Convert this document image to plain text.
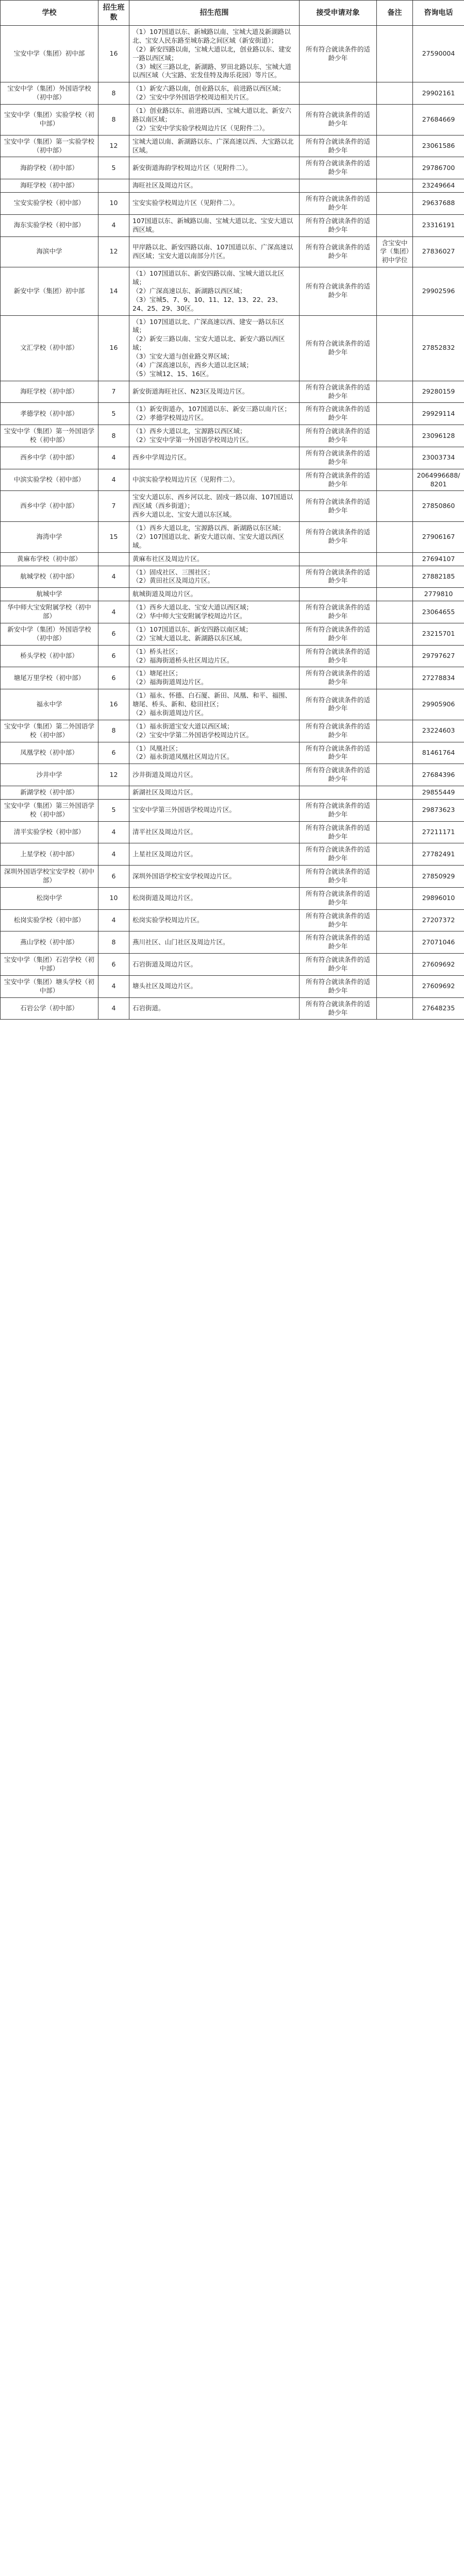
学校	招生班数	招生范围	接受申请对象	备注	咨询电话
宝安中学（集团）初中部	16	（1）107国道以东、新城路以南、宝城大道及新湖路以北、宝安人民东路至城东路之间区域（新安街道）；
（2）新安四路以南，宝城大道以北，创业路以东、建安一路以西区域；
（3）城区三路以北，新湖路、罗田北路以东、宝城大道以西区域（大宝路、宏发佳特及海乐花园）等片区。	所有符合就读条件的适龄少年		27590004
宝安中学（集团）外国语学校（初中部）	8	（1）新安六路以南，创业路以东，前进路以西区域；
（2）宝安中学外国语学校周边相关片区。			29902161
宝安中学（集团）实验学校（初中部）	8	（1）创业路以东、前进路以西、宝城大道以北、新安六路以南区域；
（2）宝安中学实验学校周边片区（见附件二）。	所有符合就读条件的适龄少年		27684669
宝安中学（集团）第一实验学校（初中部）	12	宝城大道以南、新湖路以东、广深高速以西、大宝路以北区域。	所有符合就读条件的适龄少年		23061586
海韵学校（初中部）	5	新安街道海韵学校周边片区（见附件二）。	所有符合就读条件的适龄少年		29786700
海旺学校（初中部）		海旺社区及周边片区。			23249664
宝安实验学校（初中部）	10	宝安实验学校周边片区（见附件二）。	所有符合就读条件的适龄少年		29637688
海东实验学校（初中部）	4	107国道以东、新城路以南、宝城大道以北、宝安大道以西区域。	所有符合就读条件的适龄少年		23316191
海滨中学	12	甲岸路以北、新安四路以南、107国道以东、广深高速以西区域；宝安大道以南部分片区。	所有符合就读条件的适龄少年	含宝安中学（集团）初中学位	27836027
新安中学（集团）初中部	14	（1）107国道以东、新安四路以南、宝城大道以北区域；
（2）广深高速以东、新湖路以西区域；
（3）宝城5、7、9、10、11、12、13、22、23、24、25、29、30区。	所有符合就读条件的适龄少年		29902596
文汇学校（初中部）	16	（1）107国道以北、广深高速以西、建安一路以东区域；
（2）新安三路以南、宝安大道以北、新安六路以西区域；
（3）宝安大道与创业路交界区域；
（4）广深高速以东，西乡大道以北区域；
（5）宝城12、15、16区。	所有符合就读条件的适龄少年		27852832
海旺学校（初中部）	7	新安街道海旺社区、N23区及周边片区。	所有符合就读条件的适龄少年		29280159
孝德学校（初中部）	5	（1）新安街道办，107国道以东、新安三路以南片区；
（2）孝德学校周边片区。	所有符合就读条件的适龄少年		29929114
宝安中学（集团）第一外国语学校（初中部）	8	（1）西乡大道以北，宝源路以西区域；
（2）宝安中学第一外国语学校周边片区。	所有符合就读条件的适龄少年		23096128
西乡中学（初中部）	4	西乡中学周边片区。	所有符合就读条件的适龄少年		23003734
中滨实验学校（初中部）	4	中滨实验学校周边片区（见附件二）。	所有符合就读条件的适龄少年		2064996688/8201
西乡中学（初中部）	7	宝安大道以东、西乡河以北、固戍一路以南、107国道以西区域（西乡街道）；
西乡大道以北、宝安大道以东区域。	所有符合就读条件的适龄少年		27850860
海湾中学	15	（1）西乡大道以北，宝源路以西、新湖路以东区域；
（2）107国道以北、新安大道以南、宝安大道以西区域。	所有符合就读条件的适龄少年		27906167
黄麻布学校（初中部）		黄麻布社区及周边片区。			27694107
航城学校（初中部）	4	（1）固戍社区、三围社区；
（2）黄田社区及周边片区。	所有符合就读条件的适龄少年		27882185
航城中学		航城街道及周边片区。			2779810
华中师大宝安附属学校（初中部）	4	（1）西乡大道以北、宝安大道以西区域；
（2）华中师大宝安附属学校周边片区。	所有符合就读条件的适龄少年		23064655
新安中学（集团）外国语学校（初中部）	6	（1）107国道以东、新安四路以南区域；
（2）宝城大道以北、新湖路以东区域。	所有符合就读条件的适龄少年		23215701
桥头学校（初中部）	6	（1）桥头社区；
（2）福海街道桥头社区周边片区。	所有符合就读条件的适龄少年		29797627
塘尾万里学校（初中部）	6	（1）塘尾社区；
（2）福海街道周边片区。	所有符合就读条件的适龄少年		27278834
福永中学	16	（1）福永、怀德、白石厦、新田、凤凰、和平、福围、塘尾、桥头、新和、稔田社区；
（2）福永街道周边片区。	所有符合就读条件的适龄少年		29905906
宝安中学（集团）第二外国语学校（初中部）	8	（1）福永街道宝安大道以西区域；
（2）宝安中学第二外国语学校周边片区。	所有符合就读条件的适龄少年		23224603
凤凰学校（初中部）	6	（1）凤凰社区；
（2）福永街道凤凰社区周边片区。	所有符合就读条件的适龄少年		81461764
沙井中学	12	沙井街道及周边片区。	所有符合就读条件的适龄少年		27684396
新湖学校（初中部）		新湖社区及周边片区。			29855449
宝安中学（集团）第三外国语学校（初中部）	5	宝安中学第三外国语学校周边片区。	所有符合就读条件的适龄少年		29873623
清平实验学校（初中部）	4	清平社区及周边片区。	所有符合就读条件的适龄少年		27211171
上星学校（初中部）	4	上星社区及周边片区。	所有符合就读条件的适龄少年		27782491
深圳外国语学校宝安学校（初中部）	6	深圳外国语学校宝安学校周边片区。	所有符合就读条件的适龄少年		27850929
松岗中学	10	松岗街道及周边片区。	所有符合就读条件的适龄少年		29896010
松岗实验学校（初中部）	4	松岗实验学校周边片区。	所有符合就读条件的适龄少年		27207372
燕山学校（初中部）	8	燕川社区、山门社区及周边片区。	所有符合就读条件的适龄少年		27071046
宝安中学（集团）石岩学校（初中部）	6	石岩街道及周边片区。	所有符合就读条件的适龄少年		27609692
宝安中学（集团）塘头学校（初中部）	4	塘头社区及周边片区。	所有符合就读条件的适龄少年		27609692
石岩公学（初中部）	4	石岩街道。	所有符合就读条件的适龄少年		27648235
